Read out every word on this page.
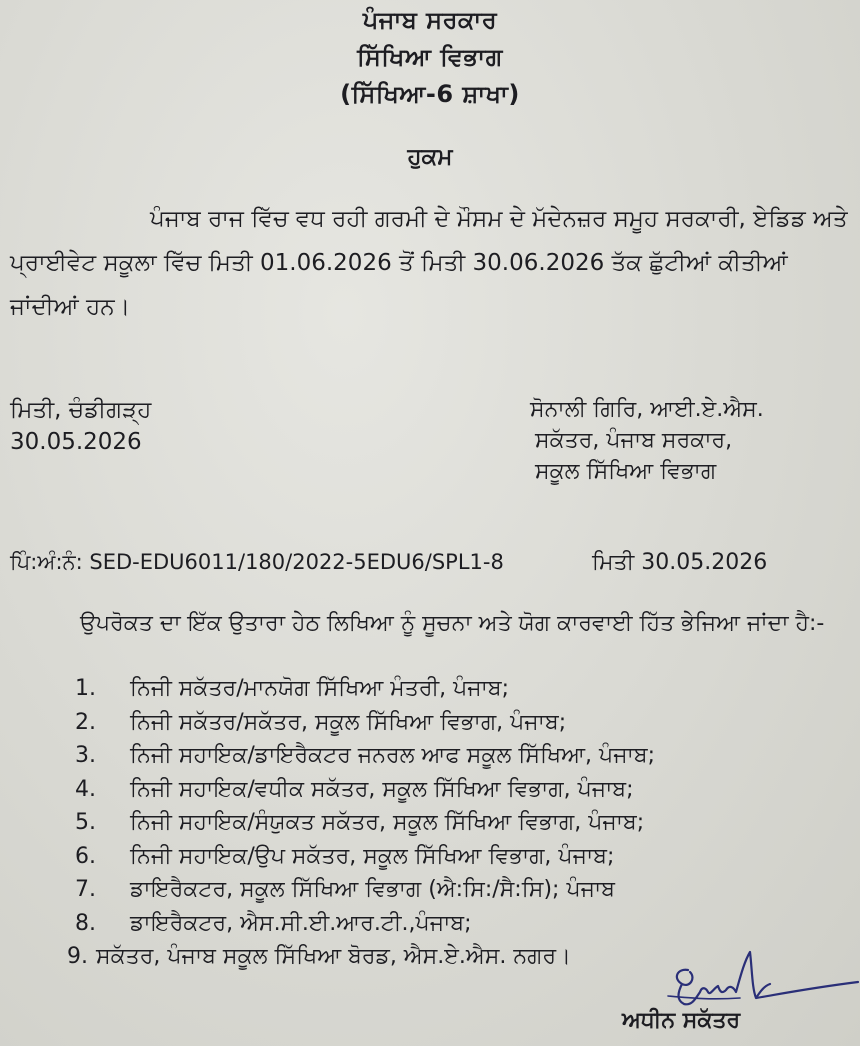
ਪੰਜਾਬ ਸਰਕਾਰ
ਸਿੱਖਿਆ ਵਿਭਾਗ
(ਸਿੱਖਿਆ-6 ਸ਼ਾਖਾ)
ਹੁਕਮ
ਪੰਜਾਬ ਰਾਜ ਵਿੱਚ ਵਧ ਰਹੀ ਗਰਮੀ ਦੇ ਮੌਸਮ ਦੇ ਮੱਦੇਨਜ਼ਰ ਸਮੂਹ ਸਰਕਾਰੀ, ਏਡਿਡ ਅਤੇ ਪ੍ਰਾਈਵੇਟ ਸਕੂਲਾ ਵਿੱਚ ਮਿਤੀ 01.06.2026 ਤੋਂ ਮਿਤੀ 30.06.2026 ਤੱਕ ਛੁੱਟੀਆਂ ਕੀਤੀਆਂ ਜਾਂਦੀਆਂ ਹਨ।
ਮਿਤੀ, ਚੰਡੀਗੜ੍ਹ
30.05.2026
ਸੋਨਾਲੀ ਗਿਰਿ, ਆਈ.ਏ.ਐਸ.
ਸਕੱਤਰ, ਪੰਜਾਬ ਸਰਕਾਰ,
ਸਕੂਲ ਸਿੱਖਿਆ ਵਿਭਾਗ
ਪਿੰ:ਅੰ:ਨੰ: SED-EDU6011/180/2022-5EDU6/SPL1-8	ਮਿਤੀ 30.05.2026
ਉਪਰੋਕਤ ਦਾ ਇੱਕ ਉਤਾਰਾ ਹੇਠ ਲਿਖਿਆ ਨੂੰ ਸੂਚਨਾ ਅਤੇ ਯੋਗ ਕਾਰਵਾਈ ਹਿੱਤ ਭੇਜਿਆ ਜਾਂਦਾ ਹੈ:-
1.	ਨਿਜੀ ਸਕੱਤਰ/ਮਾਨਯੋਗ ਸਿੱਖਿਆ ਮੰਤਰੀ, ਪੰਜਾਬ;
2.	ਨਿਜੀ ਸਕੱਤਰ/ਸਕੱਤਰ, ਸਕੂਲ ਸਿੱਖਿਆ ਵਿਭਾਗ, ਪੰਜਾਬ;
3.	ਨਿਜੀ ਸਹਾਇਕ/ਡਾਇਰੈਕਟਰ ਜਨਰਲ ਆਫ ਸਕੂਲ ਸਿੱਖਿਆ, ਪੰਜਾਬ;
4.	ਨਿਜੀ ਸਹਾਇਕ/ਵਧੀਕ ਸਕੱਤਰ, ਸਕੂਲ ਸਿੱਖਿਆ ਵਿਭਾਗ, ਪੰਜਾਬ;
5.	ਨਿਜੀ ਸਹਾਇਕ/ਸੰਯੁਕਤ ਸਕੱਤਰ, ਸਕੂਲ ਸਿੱਖਿਆ ਵਿਭਾਗ, ਪੰਜਾਬ;
6.	ਨਿਜੀ ਸਹਾਇਕ/ਉਪ ਸਕੱਤਰ, ਸਕੂਲ ਸਿੱਖਿਆ ਵਿਭਾਗ, ਪੰਜਾਬ;
7.	ਡਾਇਰੈਕਟਰ, ਸਕੂਲ ਸਿੱਖਿਆ ਵਿਭਾਗ (ਐ:ਸਿ:/ਸੈ:ਸਿ); ਪੰਜਾਬ
8.	ਡਾਇਰੈਕਟਰ, ਐਸ.ਸੀ.ਈ.ਆਰ.ਟੀ.,ਪੰਜਾਬ;
9. ਸਕੱਤਰ, ਪੰਜਾਬ ਸਕੂਲ ਸਿੱਖਿਆ ਬੋਰਡ, ਐਸ.ਏ.ਐਸ. ਨਗਰ।
ਅਧੀਨ ਸਕੱਤਰ
